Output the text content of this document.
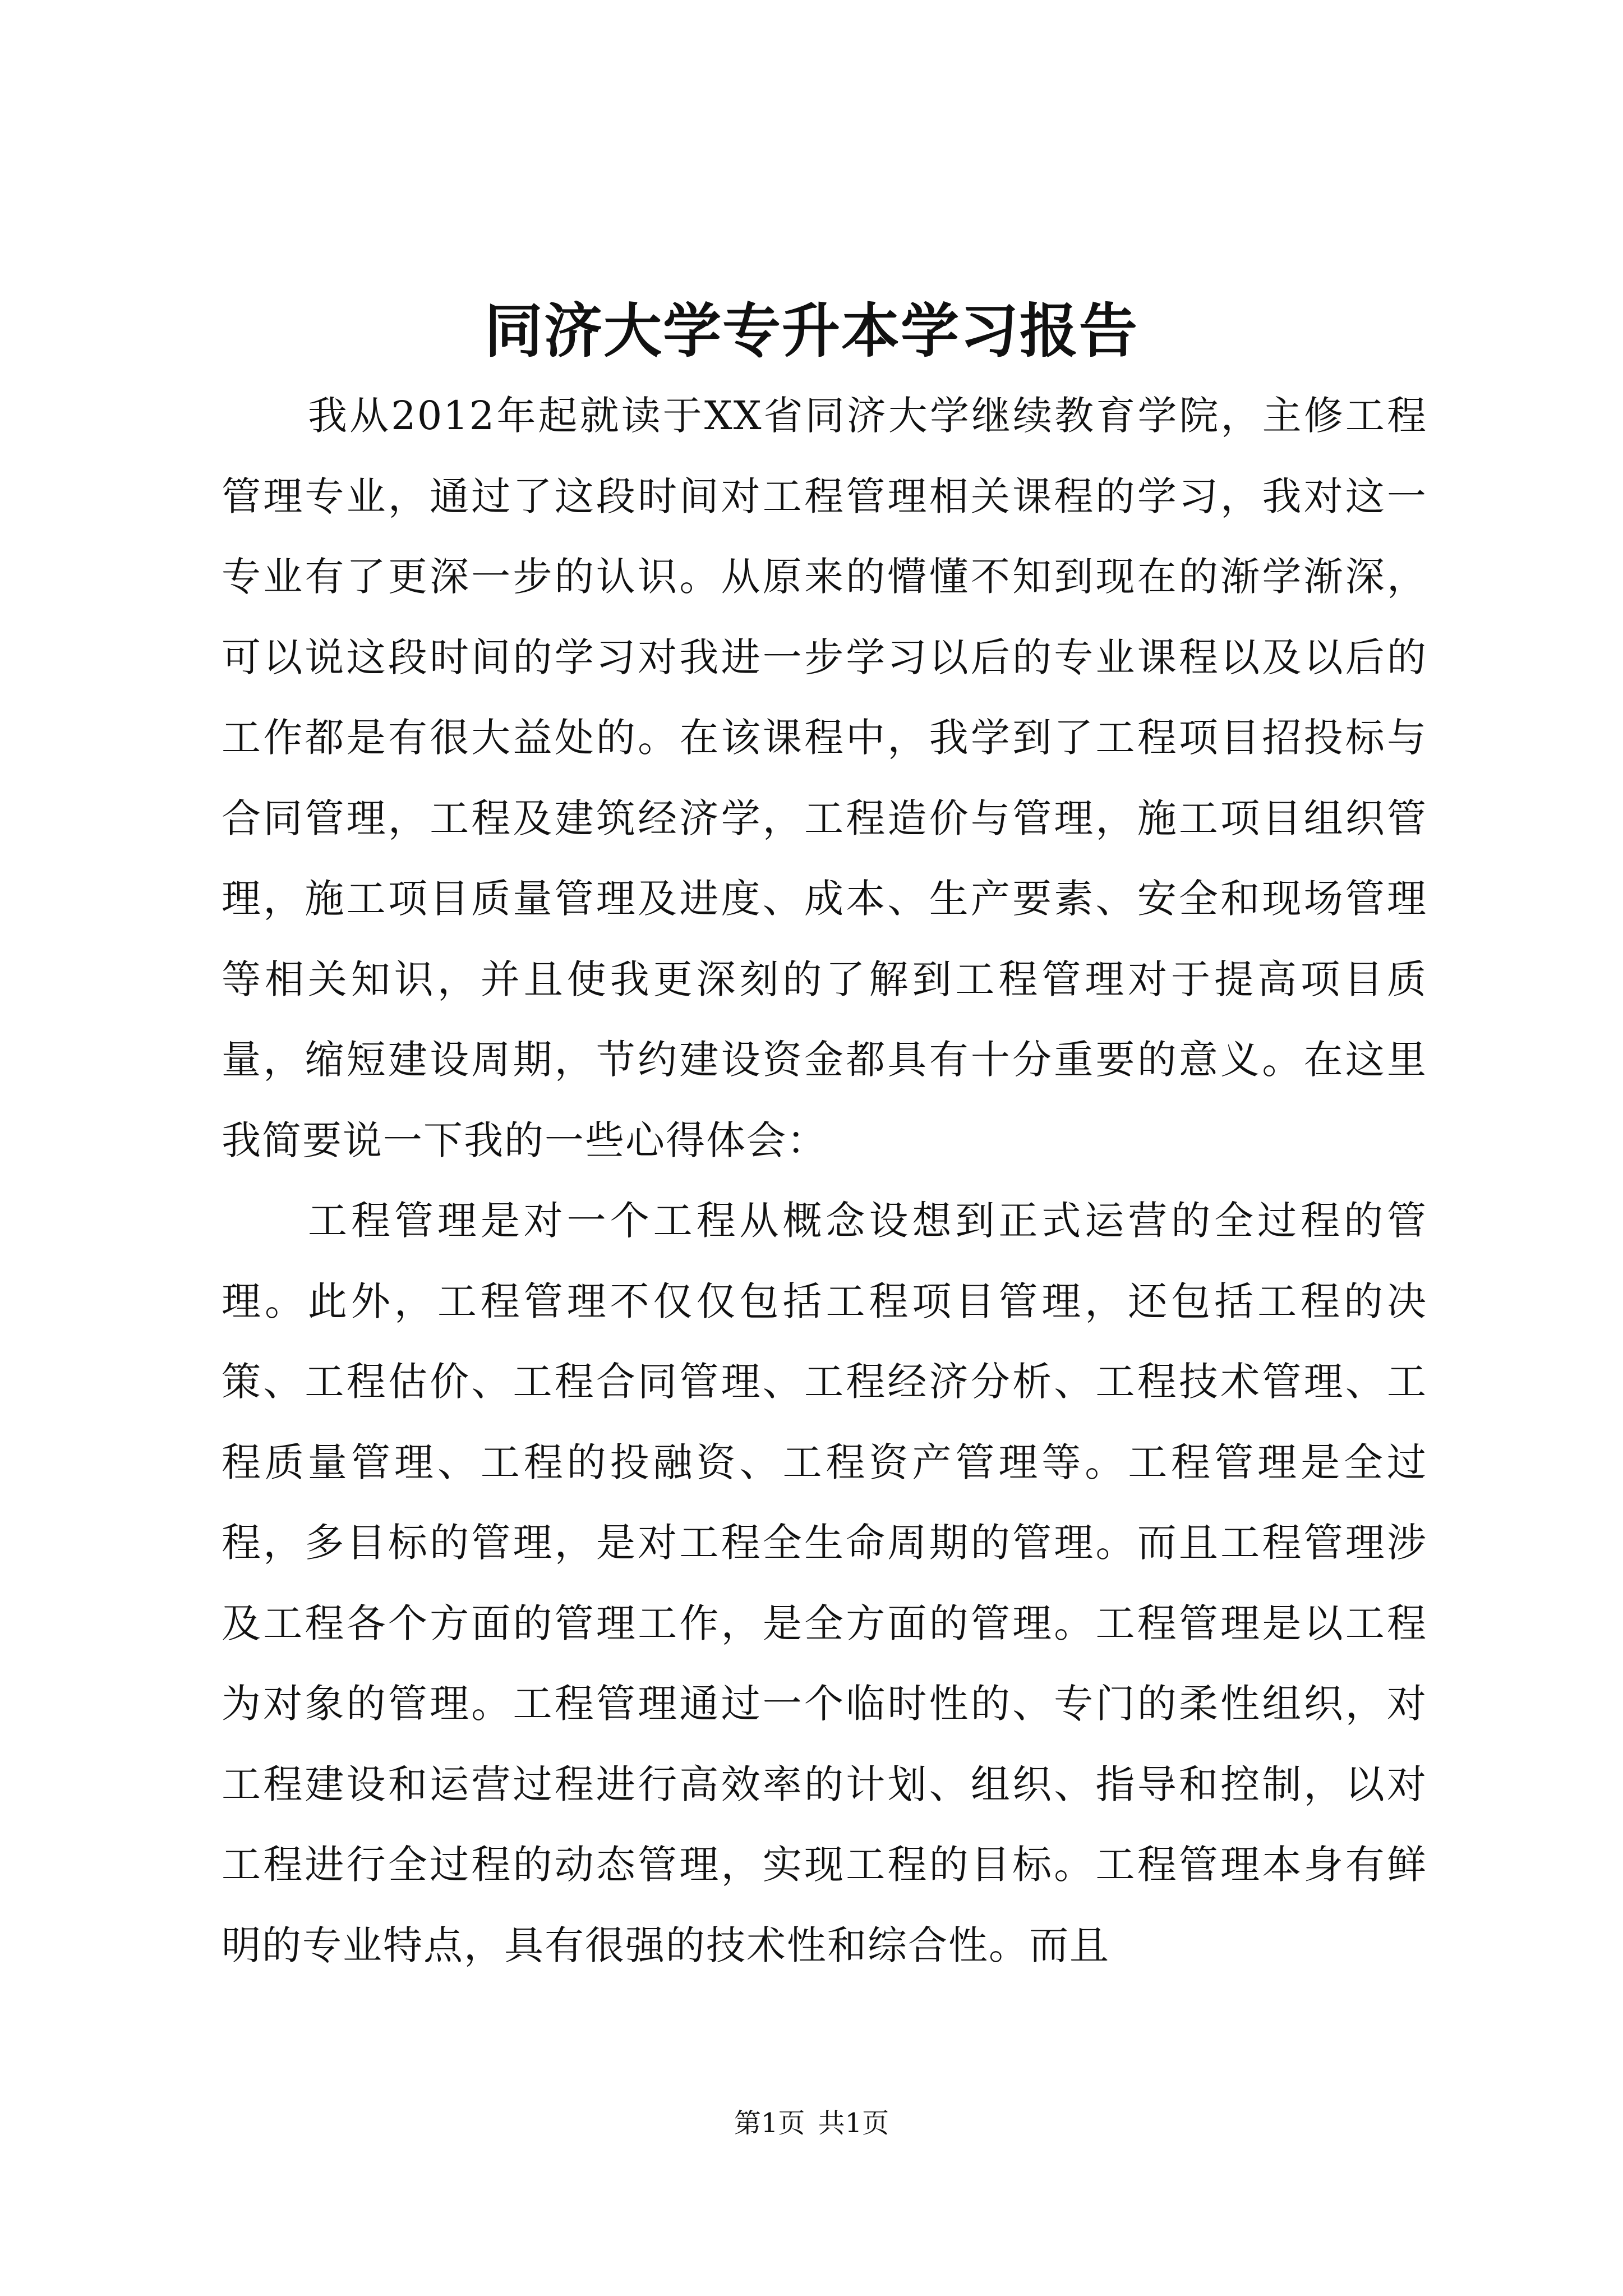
同济大学专升本学习报告

我从2012年起就读于XX省同济大学继续教育学院，主修工程管理专业，通过了这段时间对工程管理相关课程的学习，我对这一专业有了更深一步的认识。从原来的懵懂不知到现在的渐学渐深，可以说这段时间的学习对我进一步学习以后的专业课程以及以后的工作都是有很大益处的。在该课程中，我学到了工程项目招投标与合同管理，工程及建筑经济学，工程造价与管理，施工项目组织管理，施工项目质量管理及进度、成本、生产要素、安全和现场管理等相关知识，并且使我更深刻的了解到工程管理对于提高项目质量，缩短建设周期，节约建设资金都具有十分重要的意义。在这里我简要说一下我的一些心得体会：

工程管理是对一个工程从概念设想到正式运营的全过程的管理。此外，工程管理不仅仅包括工程项目管理，还包括工程的决策、工程估价、工程合同管理、工程经济分析、工程技术管理、工程质量管理、工程的投融资、工程资产管理等。工程管理是全过程，多目标的管理，是对工程全生命周期的管理。而且工程管理涉及工程各个方面的管理工作，是全方面的管理。工程管理是以工程为对象的管理。工程管理通过一个临时性的、专门的柔性组织，对工程建设和运营过程进行高效率的计划、组织、指导和控制，以对工程进行全过程的动态管理，实现工程的目标。工程管理本身有鲜明的专业特点，具有很强的技术性和综合性。而且

第1页 共1页
